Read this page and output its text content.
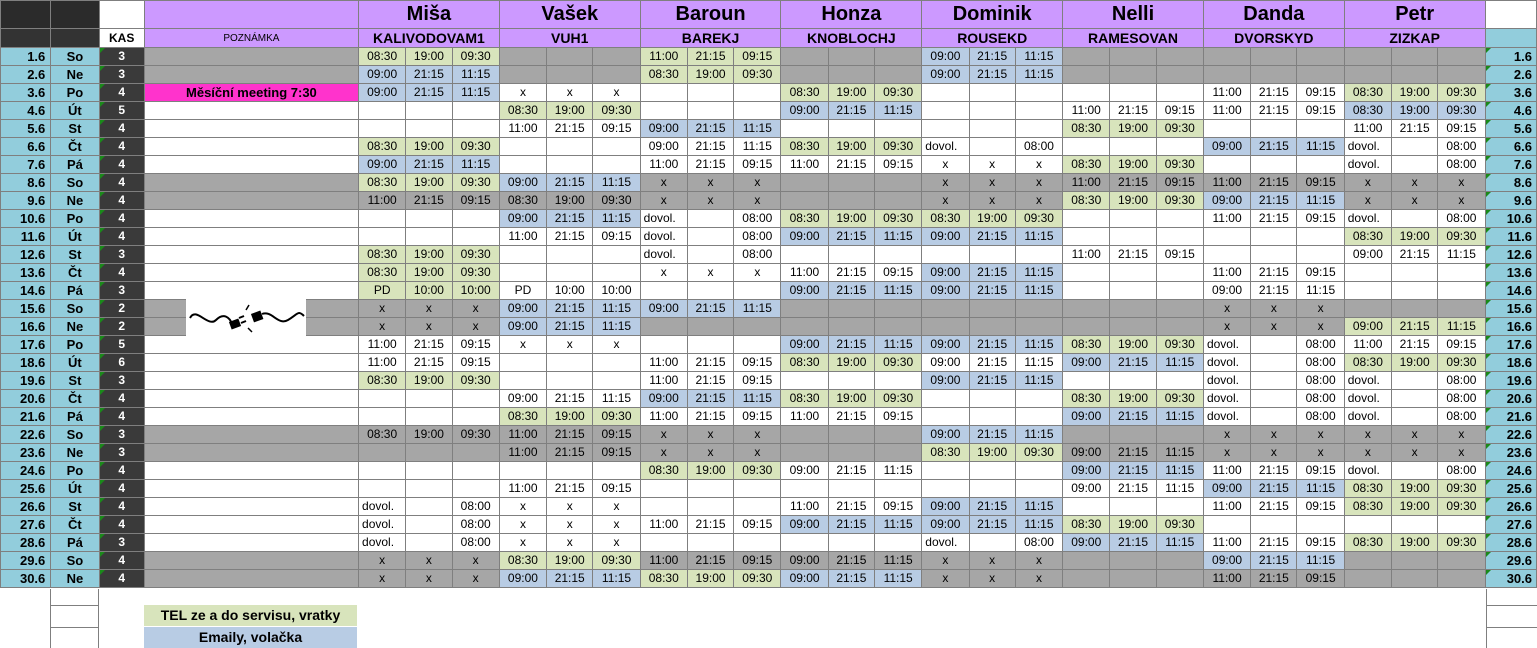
				Miša			Vašek			Baroun			Honza			Dominik			Nelli			Danda			Petr			
		KAS	POZNÁMKA	KALIVODOVAM1			VUH1			BAREKJ			KNOBLOCHJ			ROUSEKD			RAMESOVAN			DVORSKYD			ZIZKAP			
1.6	So	3		08:30	19:00	09:30				11:00	21:15	09:15				09:00	21:15	11:15										1.6
2.6	Ne	3		09:00	21:15	11:15				08:30	19:00	09:30				09:00	21:15	11:15										2.6
3.6	Po	4	Měsíční meeting 7:30	09:00	21:15	11:15	x	x	x				08:30	19:00	09:30							11:00	21:15	09:15	08:30	19:00	09:30	3.6
4.6	Út	5					08:30	19:00	09:30				09:00	21:15	11:15				11:00	21:15	09:15	11:00	21:15	09:15	08:30	19:00	09:30	4.6
5.6	St	4					11:00	21:15	09:15	09:00	21:15	11:15							08:30	19:00	09:30				11:00	21:15	09:15	5.6
6.6	Čt	4		08:30	19:00	09:30				09:00	21:15	11:15	08:30	19:00	09:30	dovol.		08:00				09:00	21:15	11:15	dovol.		08:00	6.6
7.6	Pá	4		09:00	21:15	11:15				11:00	21:15	09:15	11:00	21:15	09:15	x	x	x	08:30	19:00	09:30				dovol.		08:00	7.6
8.6	So	4		08:30	19:00	09:30	09:00	21:15	11:15	x	x	x				x	x	x	11:00	21:15	09:15	11:00	21:15	09:15	x	x	x	8.6
9.6	Ne	4		11:00	21:15	09:15	08:30	19:00	09:30	x	x	x				x	x	x	08:30	19:00	09:30	09:00	21:15	11:15	x	x	x	9.6
10.6	Po	4					09:00	21:15	11:15	dovol.		08:00	08:30	19:00	09:30	08:30	19:00	09:30				11:00	21:15	09:15	dovol.		08:00	10.6
11.6	Út	4					11:00	21:15	09:15	dovol.		08:00	09:00	21:15	11:15	09:00	21:15	11:15							08:30	19:00	09:30	11.6
12.6	St	3		08:30	19:00	09:30				dovol.		08:00							11:00	21:15	09:15				09:00	21:15	11:15	12.6
13.6	Čt	4		08:30	19:00	09:30				x	x	x	11:00	21:15	09:15	09:00	21:15	11:15				11:00	21:15	09:15				13.6
14.6	Pá	3		PD	10:00	10:00	PD	10:00	10:00				09:00	21:15	11:15	09:00	21:15	11:15				09:00	21:15	11:15				14.6
15.6	So	2		x	x	x	09:00	21:15	11:15	09:00	21:15	11:15										x	x	x				15.6
16.6	Ne	2		x	x	x	09:00	21:15	11:15													x	x	x	09:00	21:15	11:15	16.6
17.6	Po	5		11:00	21:15	09:15	x	x	x				09:00	21:15	11:15	09:00	21:15	11:15	08:30	19:00	09:30	dovol.		08:00	11:00	21:15	09:15	17.6
18.6	Út	6		11:00	21:15	09:15				11:00	21:15	09:15	08:30	19:00	09:30	09:00	21:15	11:15	09:00	21:15	11:15	dovol.		08:00	08:30	19:00	09:30	18.6
19.6	St	3		08:30	19:00	09:30				11:00	21:15	09:15				09:00	21:15	11:15				dovol.		08:00	dovol.		08:00	19.6
20.6	Čt	4					09:00	21:15	11:15	09:00	21:15	11:15	08:30	19:00	09:30				08:30	19:00	09:30	dovol.		08:00	dovol.		08:00	20.6
21.6	Pá	4					08:30	19:00	09:30	11:00	21:15	09:15	11:00	21:15	09:15				09:00	21:15	11:15	dovol.		08:00	dovol.		08:00	21.6
22.6	So	3		08:30	19:00	09:30	11:00	21:15	09:15	x	x	x				09:00	21:15	11:15				x	x	x	x	x	x	22.6
23.6	Ne	3					11:00	21:15	09:15	x	x	x				08:30	19:00	09:30	09:00	21:15	11:15	x	x	x	x	x	x	23.6
24.6	Po	4								08:30	19:00	09:30	09:00	21:15	11:15				09:00	21:15	11:15	11:00	21:15	09:15	dovol.		08:00	24.6
25.6	Út	4					11:00	21:15	09:15										09:00	21:15	11:15	09:00	21:15	11:15	08:30	19:00	09:30	25.6
26.6	St	4		dovol.		08:00	x	x	x				11:00	21:15	09:15	09:00	21:15	11:15				11:00	21:15	09:15	08:30	19:00	09:30	26.6
27.6	Čt	4		dovol.		08:00	x	x	x	11:00	21:15	09:15	09:00	21:15	11:15	09:00	21:15	11:15	08:30	19:00	09:30							27.6
28.6	Pá	3		dovol.		08:00	x	x	x							dovol.		08:00	09:00	21:15	11:15	11:00	21:15	09:15	08:30	19:00	09:30	28.6
29.6	So	4		x	x	x	08:30	19:00	09:30	11:00	21:15	09:15	09:00	21:15	11:15	x	x	x				09:00	21:15	11:15				29.6
30.6	Ne	4		x	x	x	09:00	21:15	11:15	08:30	19:00	09:30	09:00	21:15	11:15	x	x	x				11:00	21:15	09:15				30.6
TEL ze a do servisu, vratky
Emaily, volačka
